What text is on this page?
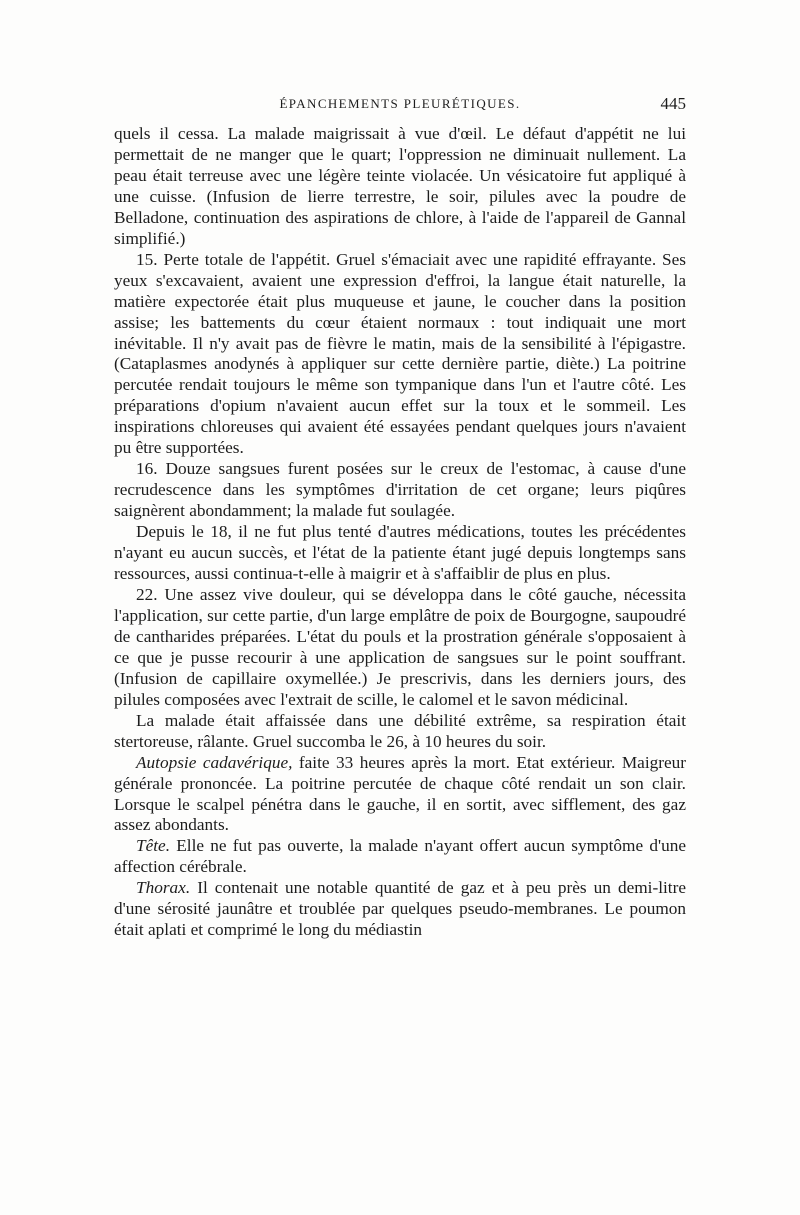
ÉPANCHEMENTS PLEURÉTIQUES.	445

quels il cessa. La malade maigrissait à vue d'œil. Le défaut d'appétit ne lui permettait de ne manger que le quart; l'oppression ne diminuait nullement. La peau était terreuse avec une légère teinte violacée. Un vésicatoire fut appliqué à une cuisse. (Infusion de lierre terrestre, le soir, pilules avec la poudre de Belladone, continuation des aspirations de chlore, à l'aide de l'appareil de Gannal simplifié.)

15. Perte totale de l'appétit. Gruel s'émaciait avec une rapidité effrayante. Ses yeux s'excavaient, avaient une expression d'effroi, la langue était naturelle, la matière expectorée était plus muqueuse et jaune, le coucher dans la position assise; les battements du cœur étaient normaux : tout indiquait une mort inévitable. Il n'y avait pas de fièvre le matin, mais de la sensibilité à l'épigastre. (Cataplasmes anodynés à appliquer sur cette dernière partie, diète.) La poitrine percutée rendait toujours le même son tympanique dans l'un et l'autre côté. Les préparations d'opium n'avaient aucun effet sur la toux et le sommeil. Les inspirations chloreuses qui avaient été essayées pendant quelques jours n'avaient pu être supportées.

16. Douze sangsues furent posées sur le creux de l'estomac, à cause d'une recrudescence dans les symptômes d'irritation de cet organe; leurs piqûres saignèrent abondamment; la malade fut soulagée.

Depuis le 18, il ne fut plus tenté d'autres médications, toutes les précédentes n'ayant eu aucun succès, et l'état de la patiente étant jugé depuis longtemps sans ressources, aussi continua-t-elle à maigrir et à s'affaiblir de plus en plus.

22. Une assez vive douleur, qui se développa dans le côté gauche, nécessita l'application, sur cette partie, d'un large emplâtre de poix de Bourgogne, saupoudré de cantharides préparées. L'état du pouls et la prostration générale s'opposaient à ce que je pusse recourir à une application de sangsues sur le point souffrant. (Infusion de capillaire oxymellée.) Je prescrivis, dans les derniers jours, des pilules composées avec l'extrait de scille, le calomel et le savon médicinal.

La malade était affaissée dans une débilité extrême, sa respiration était stertoreuse, râlante. Gruel succomba le 26, à 10 heures du soir.

Autopsie cadavérique, faite 33 heures après la mort. Etat extérieur. Maigreur générale prononcée. La poitrine percutée de chaque côté rendait un son clair. Lorsque le scalpel pénétra dans le gauche, il en sortit, avec sifflement, des gaz assez abondants.

Tête. Elle ne fut pas ouverte, la malade n'ayant offert aucun symptôme d'une affection cérébrale.

Thorax. Il contenait une notable quantité de gaz et à peu près un demi-litre d'une sérosité jaunâtre et troublée par quelques pseudo-membranes. Le poumon était aplati et comprimé le long du médiastin
